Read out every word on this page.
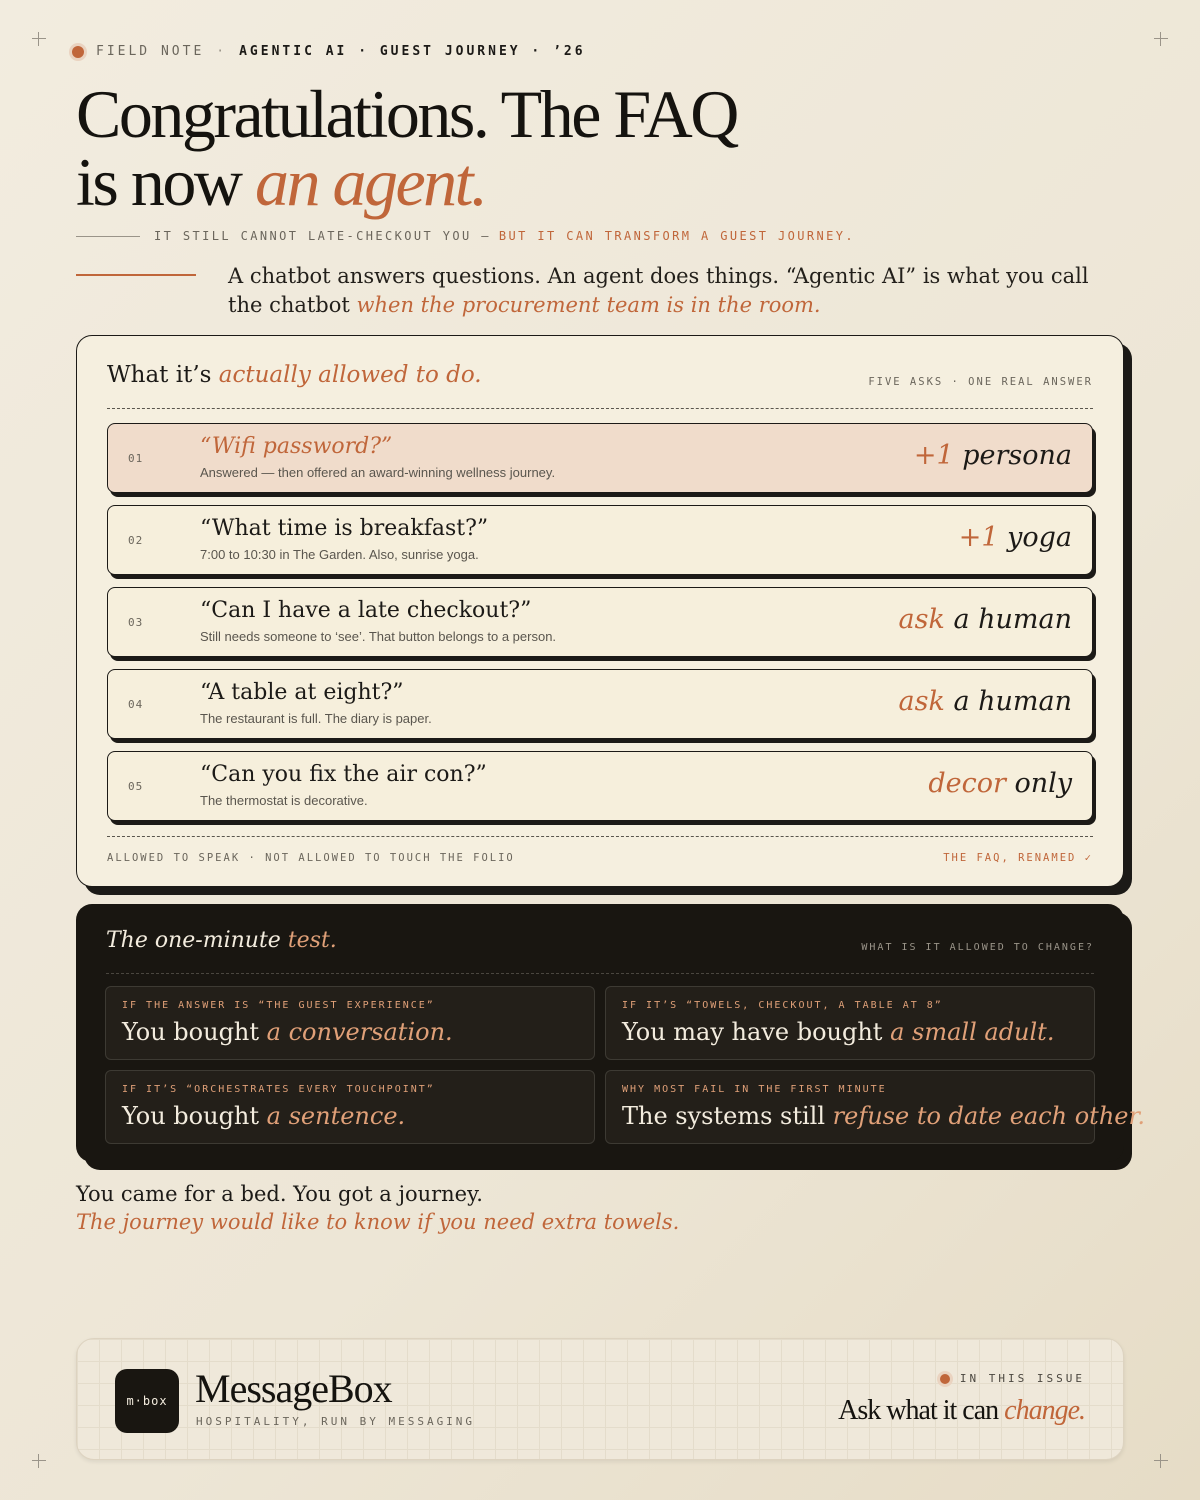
FIELD NOTE · AGENTIC AI · GUEST JOURNEY · ’26
Congratulations. The FAQ
is now an agent.
IT STILL CANNOT LATE-CHECKOUT YOU — BUT IT CAN TRANSFORM A GUEST JOURNEY.

A chatbot answers questions. An agent does things. “Agentic AI” is what you call the chatbot when the procurement team is in the room.

What it’s actually allowed to do.	FIVE ASKS · ONE REAL ANSWER
01	“Wifi password?”
Answered — then offered an award-winning wellness journey.
+1 persona
02	“What time is breakfast?”
7:00 to 10:30 in The Garden. Also, sunrise yoga.
+1 yoga
03	“Can I have a late checkout?”
Still needs someone to ‘see’. That button belongs to a person.
ask a human
04	“A table at eight?”
The restaurant is full. The diary is paper.
ask a human
05	“Can you fix the air con?”
The thermostat is decorative.
decor only
ALLOWED TO SPEAK · NOT ALLOWED TO TOUCH THE FOLIO	THE FAQ, RENAMED ✓
The one-minute test.	WHAT IS IT ALLOWED TO CHANGE?
IF THE ANSWER IS “THE GUEST EXPERIENCE”
You bought a conversation.
IF IT’S “TOWELS, CHECKOUT, A TABLE AT 8”
You may have bought a small adult.
IF IT’S “ORCHESTRATES EVERY TOUCHPOINT”
You bought a sentence.
WHY MOST FAIL IN THE FIRST MINUTE
The systems still refuse to date each other.
You came for a bed. You got a journey.
The journey would like to know if you need extra towels.
m·box MessageBox
HOSPITALITY, RUN BY MESSAGING
IN THIS ISSUE
Ask what it can change.
